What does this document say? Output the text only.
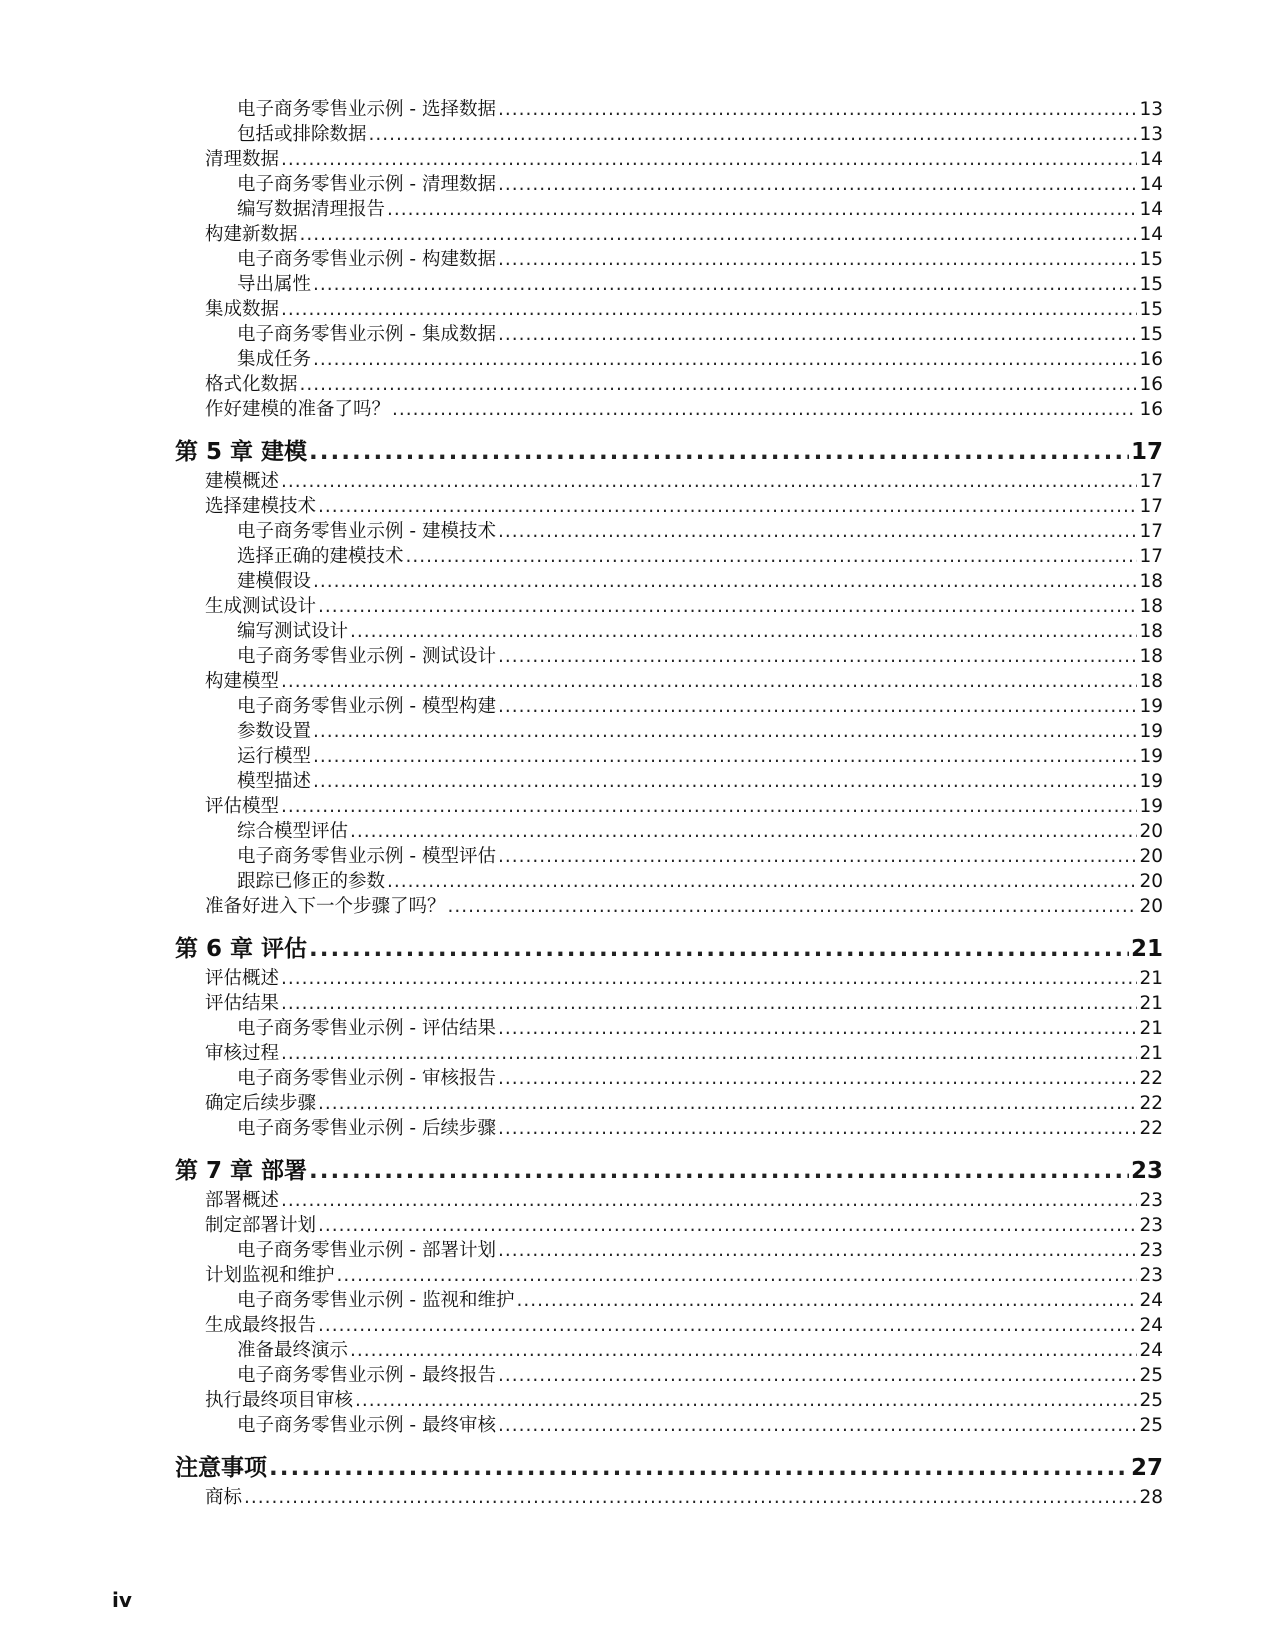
电子商务零售业示例 - 选择数据 .....	13
包括或排除数据 .....	13
清理数据 .....	14
电子商务零售业示例 - 清理数据 .....	14
编写数据清理报告 .....	14
构建新数据 .....	14
电子商务零售业示例 - 构建数据 .....	15
导出属性 .....	15
集成数据 .....	15
电子商务零售业示例 - 集成数据 .....	15
集成任务 .....	16
格式化数据 .....	16
作好建模的准备了吗？ .....	16
第 5 章 建模 .....	17
建模概述 .....	17
选择建模技术 .....	17
电子商务零售业示例 - 建模技术 .....	17
选择正确的建模技术 .....	17
建模假设 .....	18
生成测试设计 .....	18
编写测试设计 .....	18
电子商务零售业示例 - 测试设计 .....	18
构建模型 .....	18
电子商务零售业示例 - 模型构建 .....	19
参数设置 .....	19
运行模型 .....	19
模型描述 .....	19
评估模型 .....	19
综合模型评估 .....	20
电子商务零售业示例 - 模型评估 .....	20
跟踪已修正的参数 .....	20
准备好进入下一个步骤了吗？ .....	20
第 6 章 评估 .....	21
评估概述 .....	21
评估结果 .....	21
电子商务零售业示例 - 评估结果 .....	21
审核过程 .....	21
电子商务零售业示例 - 审核报告 .....	22
确定后续步骤 .....	22
电子商务零售业示例 - 后续步骤 .....	22
第 7 章 部署 .....	23
部署概述 .....	23
制定部署计划 .....	23
电子商务零售业示例 - 部署计划 .....	23
计划监视和维护 .....	23
电子商务零售业示例 - 监视和维护 .....	24
生成最终报告 .....	24
准备最终演示 .....	24
电子商务零售业示例 - 最终报告 .....	25
执行最终项目审核 .....	25
电子商务零售业示例 - 最终审核 .....	25
注意事项 .....	27
商标 .....	28
iv
